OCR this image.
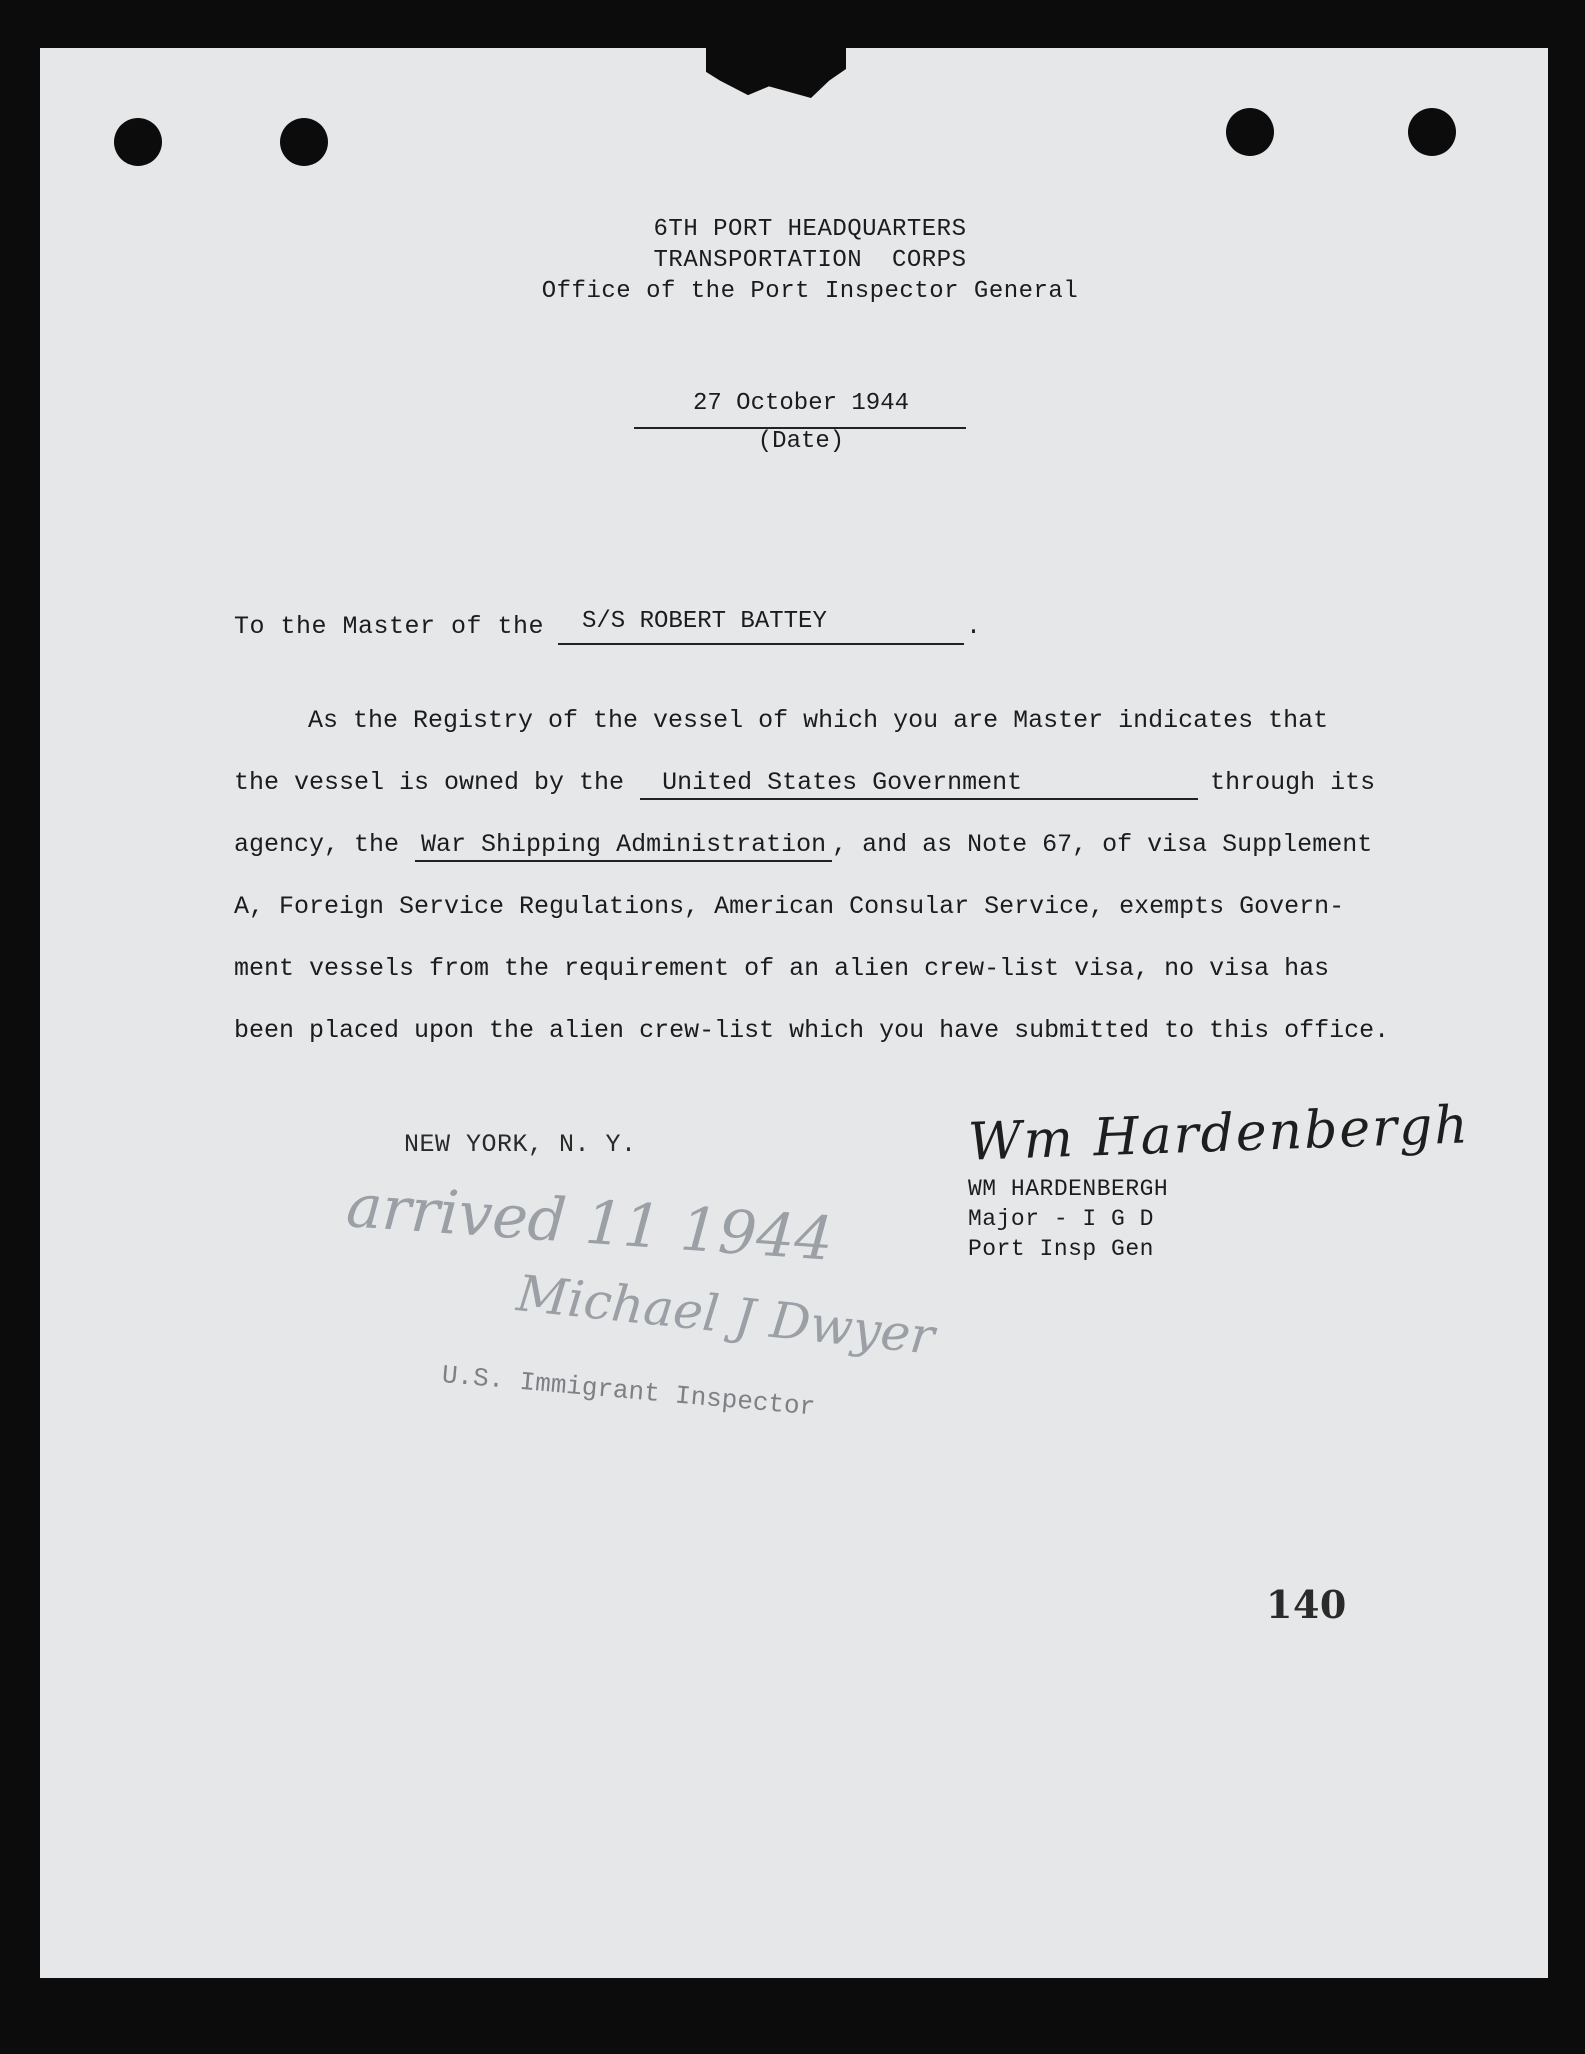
6TH PORT HEADQUARTERS
TRANSPORTATION  CORPS
Office of the Port Inspector General
27 October 1944
(Date)
To the Master of the	S/S ROBERT BATTEY	.
As the Registry of the vessel of which you are Master indicates that
the vessel is owned by the United States Government	through its
agency, the War Shipping Administration , and as Note 67, of visa Supplement
A, Foreign Service Regulations, American Consular Service, exempts Govern-
ment vessels from the requirement of an alien crew-list visa, no visa has
been placed upon the alien crew-list which you have submitted to this office.
NEW YORK, N. Y.	Wm Hardenbergh
WM HARDENBERGH
Major - I G D
Port Insp Gen
arrived 11 1944
Michael J Dwyer
U.S. Immigrant Inspector
140
